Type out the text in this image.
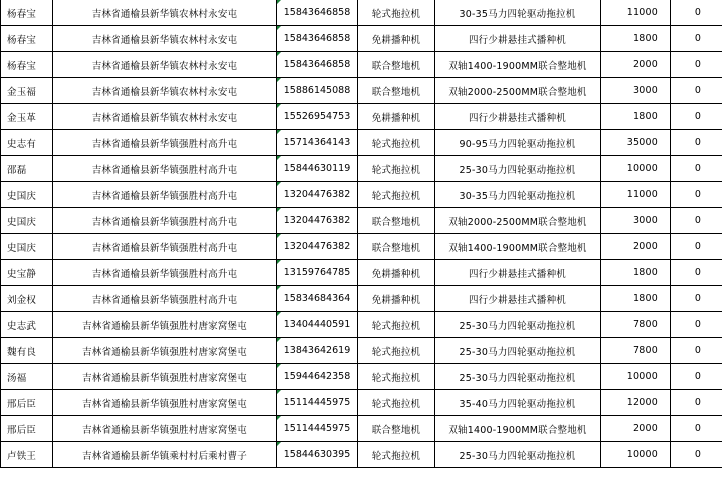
杨春宝	吉林省通榆县新华镇农林村永安屯	15843646858	轮式拖拉机	30-35马力四轮驱动拖拉机	11000	0
杨春宝	吉林省通榆县新华镇农林村永安屯	15843646858	免耕播种机	四行少耕悬挂式播种机	1800	0
杨春宝	吉林省通榆县新华镇农林村永安屯	15843646858	联合整地机	双轴1400-1900MM联合整地机	2000	0
金玉福	吉林省通榆县新华镇农林村永安屯	15886145088	联合整地机	双轴2000-2500MM联合整地机	3000	0
金玉革	吉林省通榆县新华镇农林村永安屯	15526954753	免耕播种机	四行少耕悬挂式播种机	1800	0
史志有	吉林省通榆县新华镇强胜村高升屯	15714364143	轮式拖拉机	90-95马力四轮驱动拖拉机	35000	0
邵磊	吉林省通榆县新华镇强胜村高升屯	15844630119	轮式拖拉机	25-30马力四轮驱动拖拉机	10000	0
史国庆	吉林省通榆县新华镇强胜村高升屯	13204476382	轮式拖拉机	30-35马力四轮驱动拖拉机	11000	0
史国庆	吉林省通榆县新华镇强胜村高升屯	13204476382	联合整地机	双轴2000-2500MM联合整地机	3000	0
史国庆	吉林省通榆县新华镇强胜村高升屯	13204476382	联合整地机	双轴1400-1900MM联合整地机	2000	0
史宝静	吉林省通榆县新华镇强胜村高升屯	13159764785	免耕播种机	四行少耕悬挂式播种机	1800	0
刘金权	吉林省通榆县新华镇强胜村高升屯	15834684364	免耕播种机	四行少耕悬挂式播种机	1800	0
史志武	吉林省通榆县新华镇强胜村唐家窝堡屯	13404440591	轮式拖拉机	25-30马力四轮驱动拖拉机	7800	0
魏有良	吉林省通榆县新华镇强胜村唐家窝堡屯	13843642619	轮式拖拉机	25-30马力四轮驱动拖拉机	7800	0
汤福	吉林省通榆县新华镇强胜村唐家窝堡屯	15944642358	轮式拖拉机	25-30马力四轮驱动拖拉机	10000	0
邢后臣	吉林省通榆县新华镇强胜村唐家窝堡屯	15114445975	轮式拖拉机	35-40马力四轮驱动拖拉机	12000	0
邢后臣	吉林省通榆县新华镇强胜村唐家窝堡屯	15114445975	联合整地机	双轴1400-1900MM联合整地机	2000	0
卢铁王	吉林省通榆县新华镇乘村村后乘村曹子	15844630395	轮式拖拉机	25-30马力四轮驱动拖拉机	10000	0
